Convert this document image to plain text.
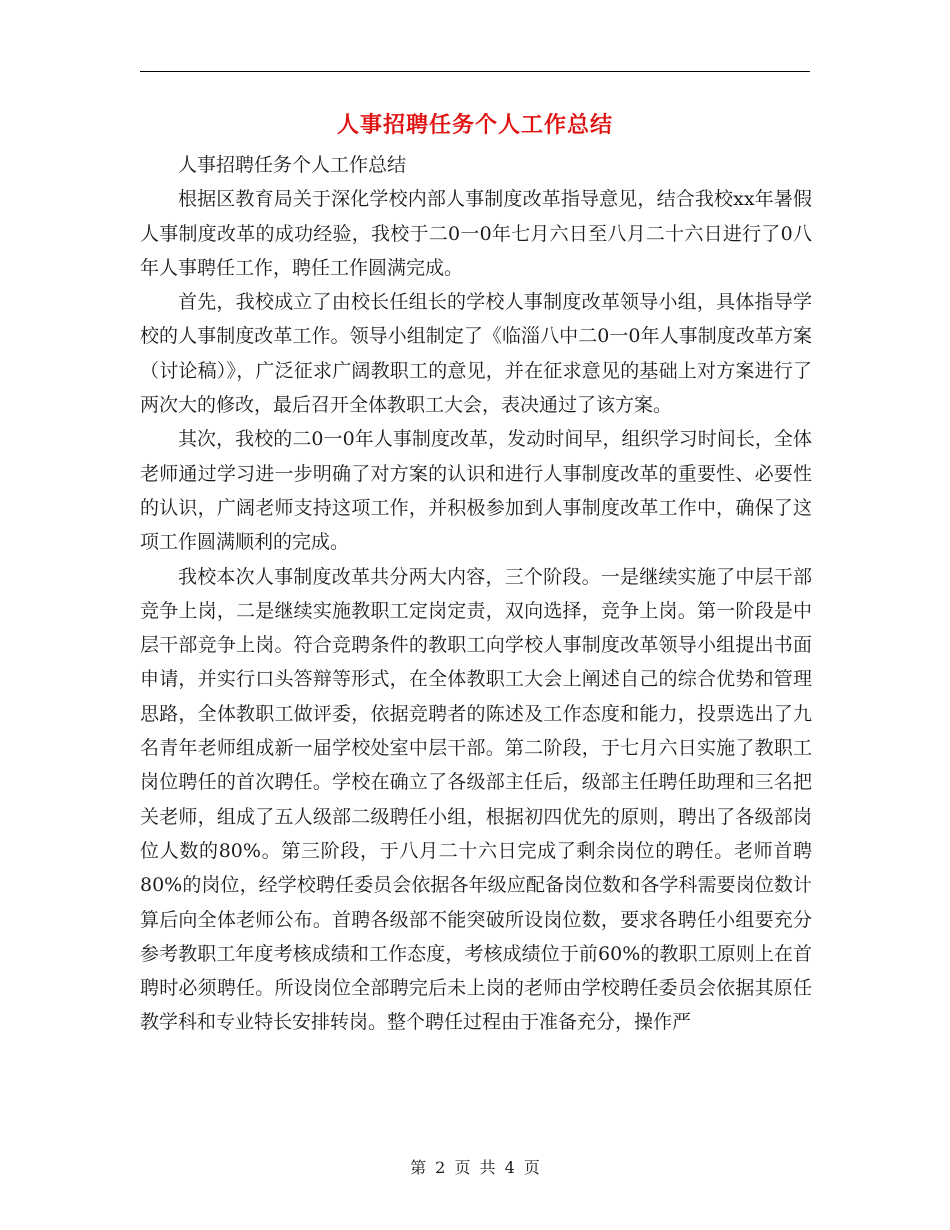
人事招聘任务个人工作总结

人事招聘任务个人工作总结

根据区教育局关于深化学校内部人事制度改革指导意见，结合我校xx年暑假人事制度改革的成功经验，我校于二0一0年七月六日至八月二十六日进行了0八年人事聘任工作，聘任工作圆满完成。

首先，我校成立了由校长任组长的学校人事制度改革领导小组，具体指导学校的人事制度改革工作。领导小组制定了《临淄八中二0一0年人事制度改革方案（讨论稿）》，广泛征求广阔教职工的意见，并在征求意见的基础上对方案进行了两次大的修改，最后召开全体教职工大会，表决通过了该方案。

其次，我校的二0一0年人事制度改革，发动时间早，组织学习时间长，全体老师通过学习进一步明确了对方案的认识和进行人事制度改革的重要性、必要性的认识，广阔老师支持这项工作，并积极参加到人事制度改革工作中，确保了这项工作圆满顺利的完成。

我校本次人事制度改革共分两大内容，三个阶段。一是继续实施了中层干部竞争上岗，二是继续实施教职工定岗定责，双向选择，竞争上岗。第一阶段是中层干部竞争上岗。符合竞聘条件的教职工向学校人事制度改革领导小组提出书面申请，并实行口头答辩等形式，在全体教职工大会上阐述自己的综合优势和管理思路，全体教职工做评委，依据竞聘者的陈述及工作态度和能力，投票选出了九名青年老师组成新一届学校处室中层干部。第二阶段，于七月六日实施了教职工岗位聘任的首次聘任。学校在确立了各级部主任后，级部主任聘任助理和三名把关老师，组成了五人级部二级聘任小组，根据初四优先的原则，聘出了各级部岗位人数的80%。第三阶段，于八月二十六日完成了剩余岗位的聘任。老师首聘80%的岗位，经学校聘任委员会依据各年级应配备岗位数和各学科需要岗位数计算后向全体老师公布。首聘各级部不能突破所设岗位数，要求各聘任小组要充分参考教职工年度考核成绩和工作态度，考核成绩位于前60%的教职工原则上在首聘时必须聘任。所设岗位全部聘完后未上岗的老师由学校聘任委员会依据其原任教学科和专业特长安排转岗。整个聘任过程由于准备充分，操作严

第 2 页 共 4 页
